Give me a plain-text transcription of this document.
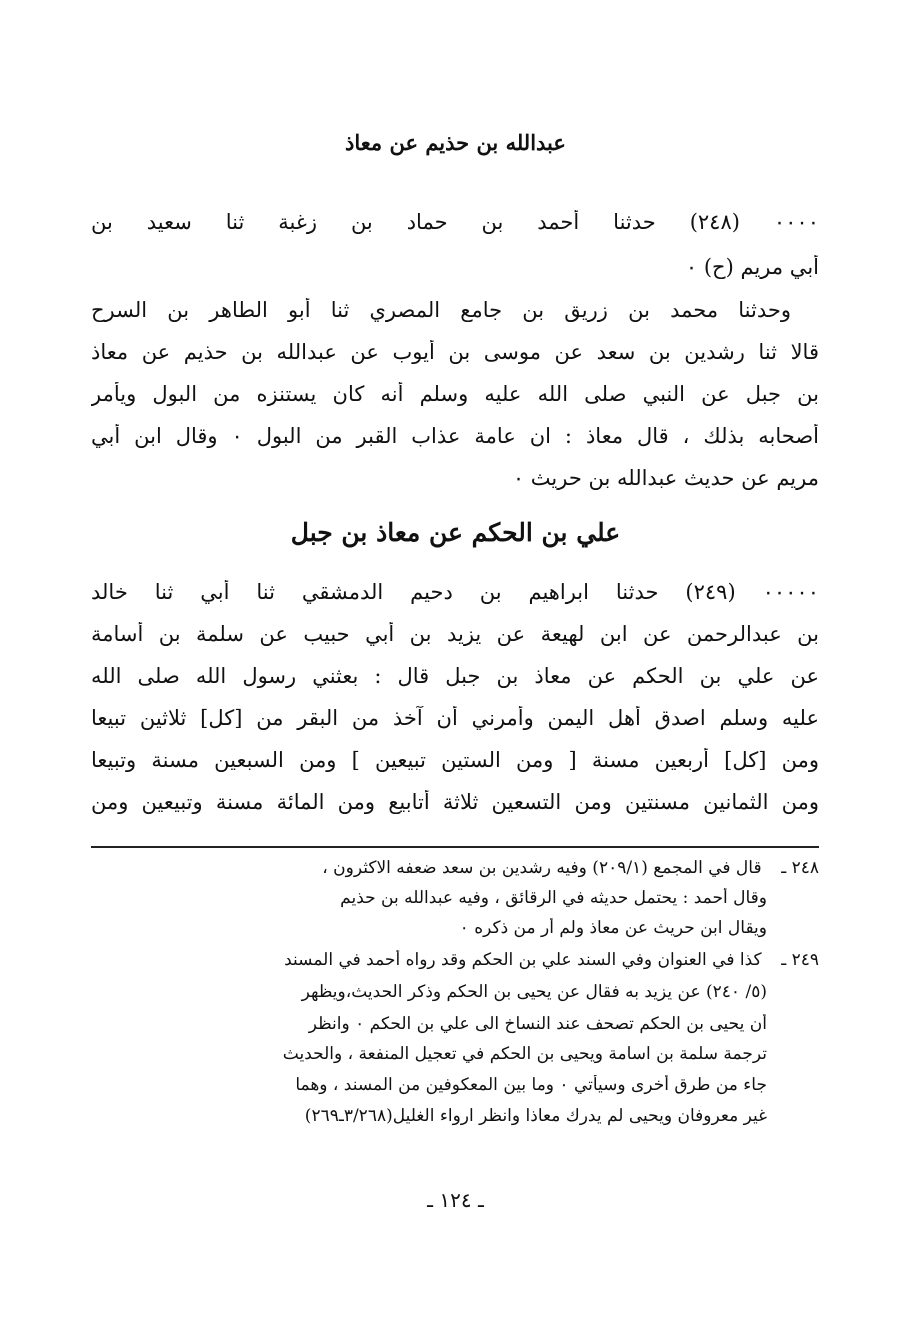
عبدالله بن حذيم عن معاذ
٠٠٠٠ (٢٤٨) حدثنا أحمد بن حماد بن زغبة ثنا سعيد بن
أبي مريم (ح) ٠
وحدثنا محمد بن زريق بن جامع المصري ثنا أبو الطاهر بن السرح
قالا ثنا رشدين بن سعد عن موسى بن أيوب عن عبدالله بن حذيم عن معاذ
بن جبل عن النبي صلى الله عليه وسلم أنه كان يستنزه من البول ويأمر
أصحابه بذلك ، قال معاذ : ان عامة عذاب القبر من البول ٠ وقال ابن أبي
مريم عن حديث عبدالله بن حريث ٠
علي بن الحكم عن معاذ بن جبل
٠٠٠٠٠ (٢٤٩) حدثنا ابراهيم بن دحيم الدمشقي ثنا أبي ثنا خالد
بن عبدالرحمن عن ابن لهيعة عن يزيد بن أبي حبيب عن سلمة بن أسامة
عن علي بن الحكم عن معاذ بن جبل قال : بعثني رسول الله صلى الله
عليه وسلم اصدق أهل اليمن وأمرني أن آخذ من البقر من [كل] ثلاثين تبيعا
ومن [كل] أربعين مسنة [ ومن الستين تبيعين ] ومن السبعين مسنة وتبيعا
ومن الثمانين مسنتين ومن التسعين ثلاثة أتابيع ومن المائة مسنة وتبيعين ومن
٢٤٨ ـ قال في المجمع (٢٠٩/١) وفيه رشدين بن سعد ضعفه الاكثرون ،
وقال أحمد : يحتمل حديثه في الرقائق ، وفيه عبدالله بن حذيم
ويقال ابن حريث عن معاذ ولم أر من ذكره ٠
٢٤٩ ـ كذا في العنوان وفي السند علي بن الحكم وقد رواه أحمد في المسند
(٥/ ٢٤٠) عن يزيد به فقال عن يحيى بن الحكم وذكر الحديث،ويظهر
أن يحيى بن الحكم تصحف عند النساخ الى علي بن الحكم ٠ وانظر
ترجمة سلمة بن اسامة ويحيى بن الحكم في تعجيل المنفعة ، والحديث
جاء من طرق أخرى وسيأتي ٠ وما بين المعكوفين من المسند ، وهما
غير معروفان ويحيى لم يدرك معاذا وانظر ارواء الغليل(٣/٢٦٨ـ٢٦٩)
ـ ١٢٤ ـ
